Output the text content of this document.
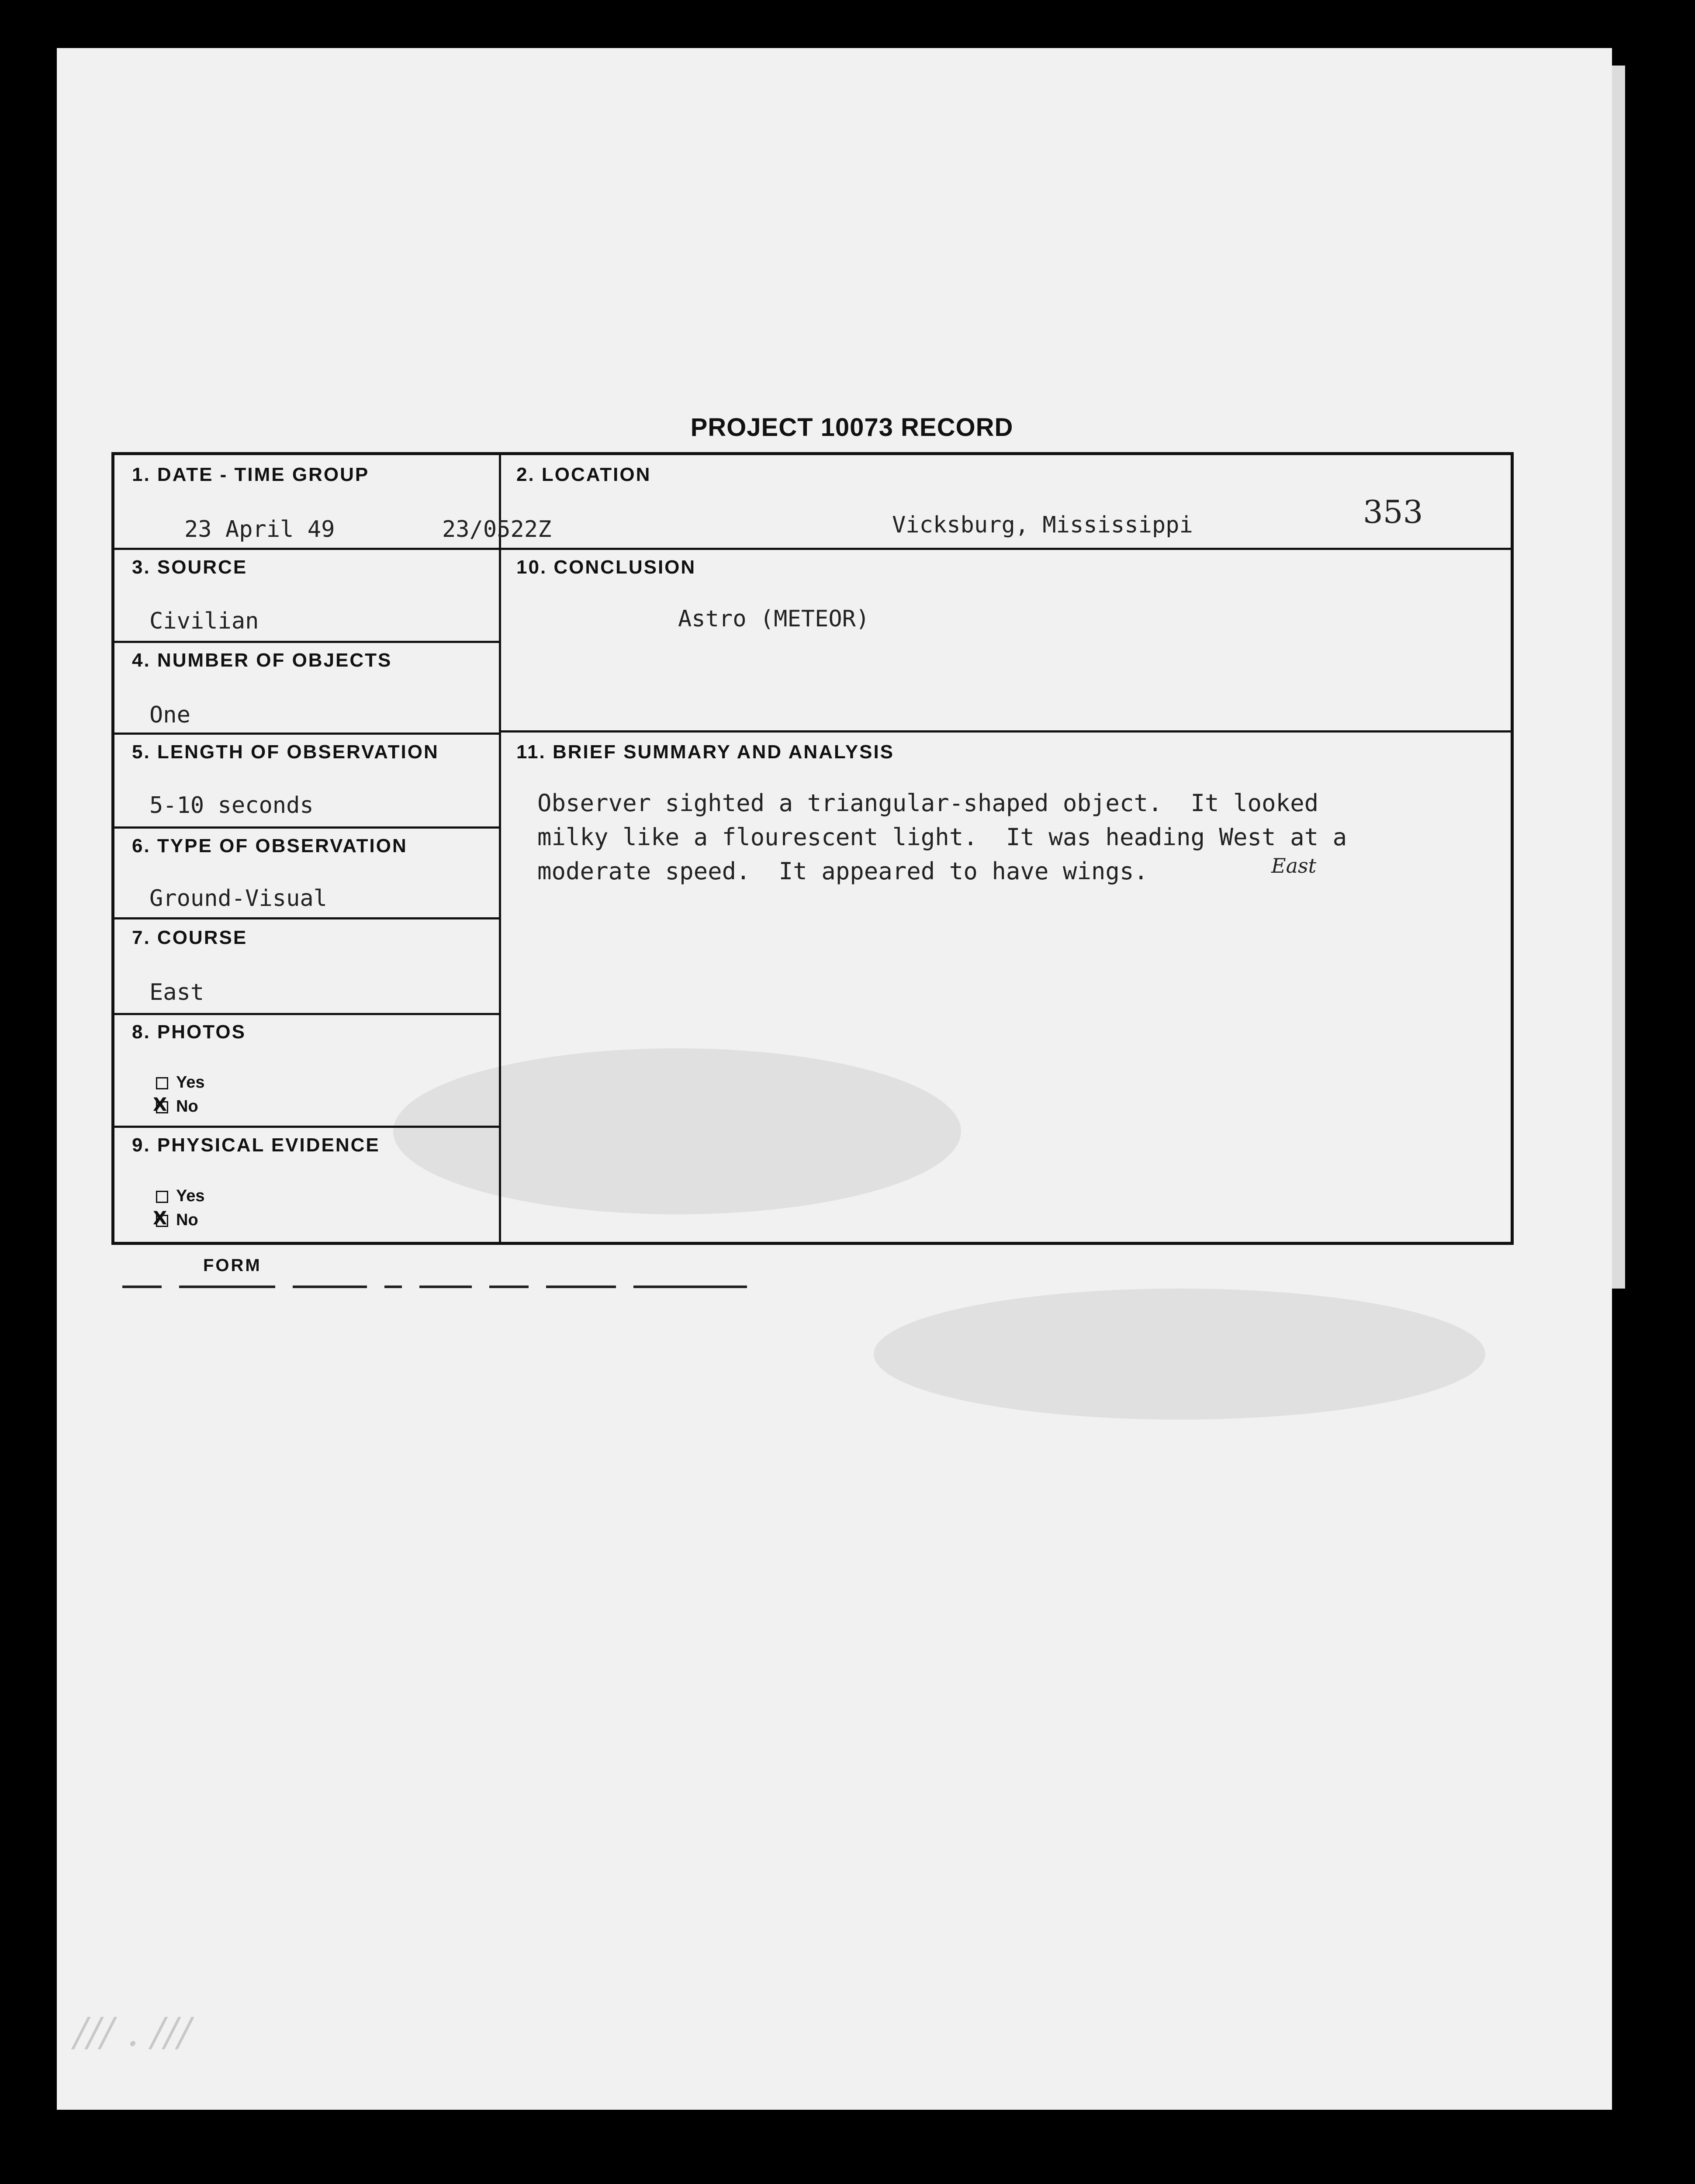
PROJECT 10073 RECORD
353
1. DATE - TIME GROUP
23 April 49	23/0522Z
2. LOCATION
Vicksburg, Mississippi
3. SOURCE
Civilian
4. NUMBER OF OBJECTS
One
5. LENGTH OF OBSERVATION
5-10 seconds
6. TYPE OF OBSERVATION
Ground-Visual
7. COURSE
East
8. PHOTOS
Yes
No
X
9. PHYSICAL EVIDENCE
Yes
No
X
10. CONCLUSION
Astro (METEOR)
11. BRIEF SUMMARY AND ANALYSIS
Observer sighted a triangular-shaped object.  It looked
milky like a flourescent light.  It was heading West at a
moderate speed.  It appeared to have wings.	East
FORM
/// . ///
